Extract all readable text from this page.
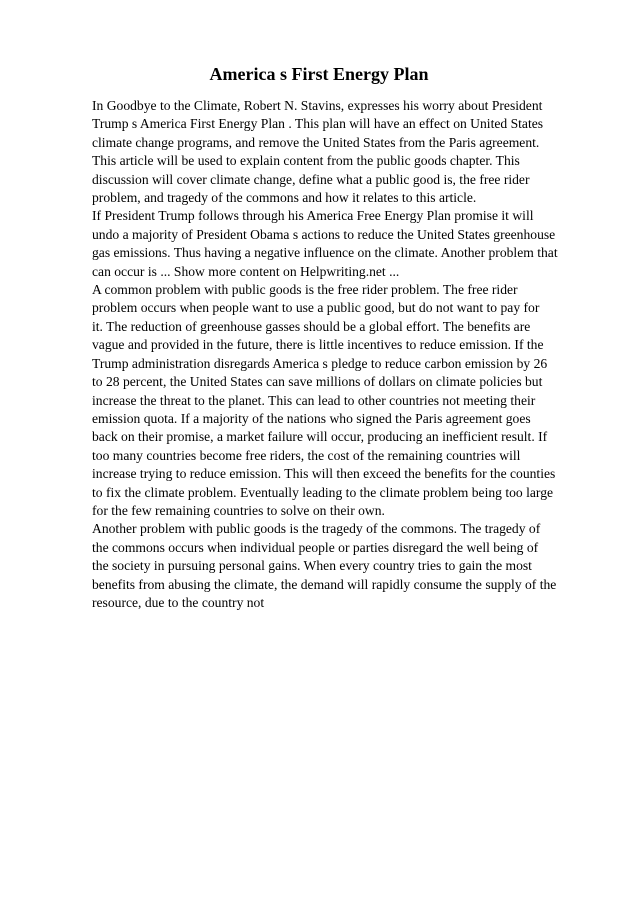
America s First Energy Plan
In Goodbye to the Climate, Robert N. Stavins, expresses his worry about President
Trump s America First Energy Plan . This plan will have an effect on United States
climate change programs, and remove the United States from the Paris agreement.
This article will be used to explain content from the public goods chapter. This
discussion will cover climate change, define what a public good is, the free rider
problem, and tragedy of the commons and how it relates to this article.
If President Trump follows through his America Free Energy Plan promise it will
undo a majority of President Obama s actions to reduce the United States greenhouse
gas emissions. Thus having a negative influence on the climate. Another problem that
can occur is ... Show more content on Helpwriting.net ...
A common problem with public goods is the free rider problem. The free rider
problem occurs when people want to use a public good, but do not want to pay for
it. The reduction of greenhouse gasses should be a global effort. The benefits are
vague and provided in the future, there is little incentives to reduce emission. If the
Trump administration disregards America s pledge to reduce carbon emission by 26
to 28 percent, the United States can save millions of dollars on climate policies but
increase the threat to the planet. This can lead to other countries not meeting their
emission quota. If a majority of the nations who signed the Paris agreement goes
back on their promise, a market failure will occur, producing an inefficient result. If
too many countries become free riders, the cost of the remaining countries will
increase trying to reduce emission. This will then exceed the benefits for the counties
to fix the climate problem. Eventually leading to the climate problem being too large
for the few remaining countries to solve on their own.
Another problem with public goods is the tragedy of the commons. The tragedy of
the commons occurs when individual people or parties disregard the well being of
the society in pursuing personal gains. When every country tries to gain the most
benefits from abusing the climate, the demand will rapidly consume the supply of the
resource, due to the country not
